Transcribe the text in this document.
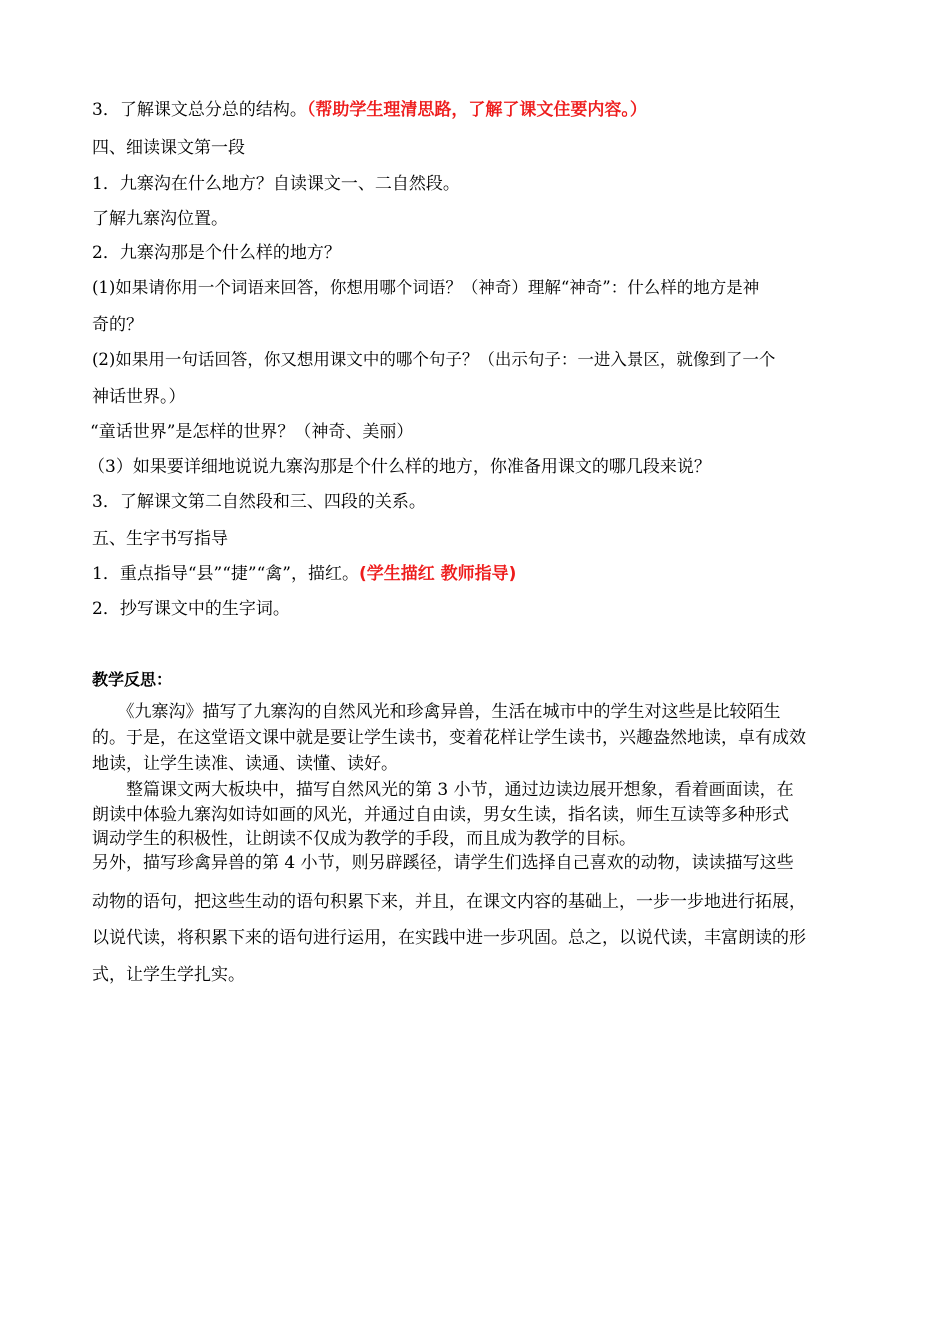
3．了解课文总分总的结构。（帮助学生理清思路，了解了课文住要内容。）
四、细读课文第一段
1．九寨沟在什么地方？自读课文一、二自然段。
了解九寨沟位置。
2．九寨沟那是个什么样的地方？
(1)如果请你用一个词语来回答，你想用哪个词语？（神奇）理解“神奇”：什么样的地方是神
奇的？
(2)如果用一句话回答，你又想用课文中的哪个句子？（出示句子：一进入景区，就像到了一个
神话世界。）
“童话世界”是怎样的世界？（神奇、美丽）
（3）如果要详细地说说九寨沟那是个什么样的地方，你准备用课文的哪几段来说？
3．了解课文第二自然段和三、四段的关系。
五、生字书写指导
1．重点指导“县”“捷”“禽”，描红。(学生描红 教师指导)
2．抄写课文中的生字词。
教学反思：
　　《九寨沟》描写了九寨沟的自然风光和珍禽异兽，生活在城市中的学生对这些是比较陌生
的。于是，在这堂语文课中就是要让学生读书，变着花样让学生读书，兴趣盎然地读，卓有成效
地读，让学生读准、读通、读懂、读好。
　　整篇课文两大板块中，描写自然风光的第 3 小节，通过边读边展开想象，看着画面读，在
朗读中体验九寨沟如诗如画的风光，并通过自由读，男女生读，指名读，师生互读等多种形式
调动学生的积极性，让朗读不仅成为教学的手段，而且成为教学的目标。
另外，描写珍禽异兽的第 4 小节，则另辟蹊径，请学生们选择自己喜欢的动物，读读描写这些
动物的语句，把这些生动的语句积累下来，并且，在课文内容的基础上，一步一步地进行拓展，
以说代读，将积累下来的语句进行运用，在实践中进一步巩固。总之，以说代读，丰富朗读的形
式，让学生学扎实。
